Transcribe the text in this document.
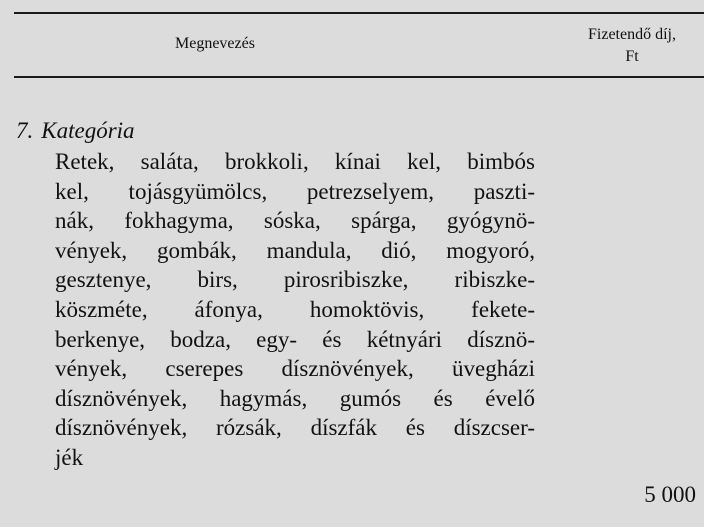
Megnevezés
Fizetendő díj,
Ft
7. Kategória
Retek, saláta, brokkoli, kínai kel, bimbós
kel, tojásgyümölcs, petrezselyem, paszti-
nák, fokhagyma, sóska, spárga, gyógynö-
vények, gombák, mandula, dió, mogyoró,
gesztenye, birs, pirosribiszke, ribiszke-
köszméte, áfonya, homoktövis, fekete-
berkenye, bodza, egy- és kétnyári dísznö-
vények, cserepes dísznövények, üvegházi
dísznövények, hagymás, gumós és évelő
dísznövények, rózsák, díszfák és díszcser-
jék
5 000
